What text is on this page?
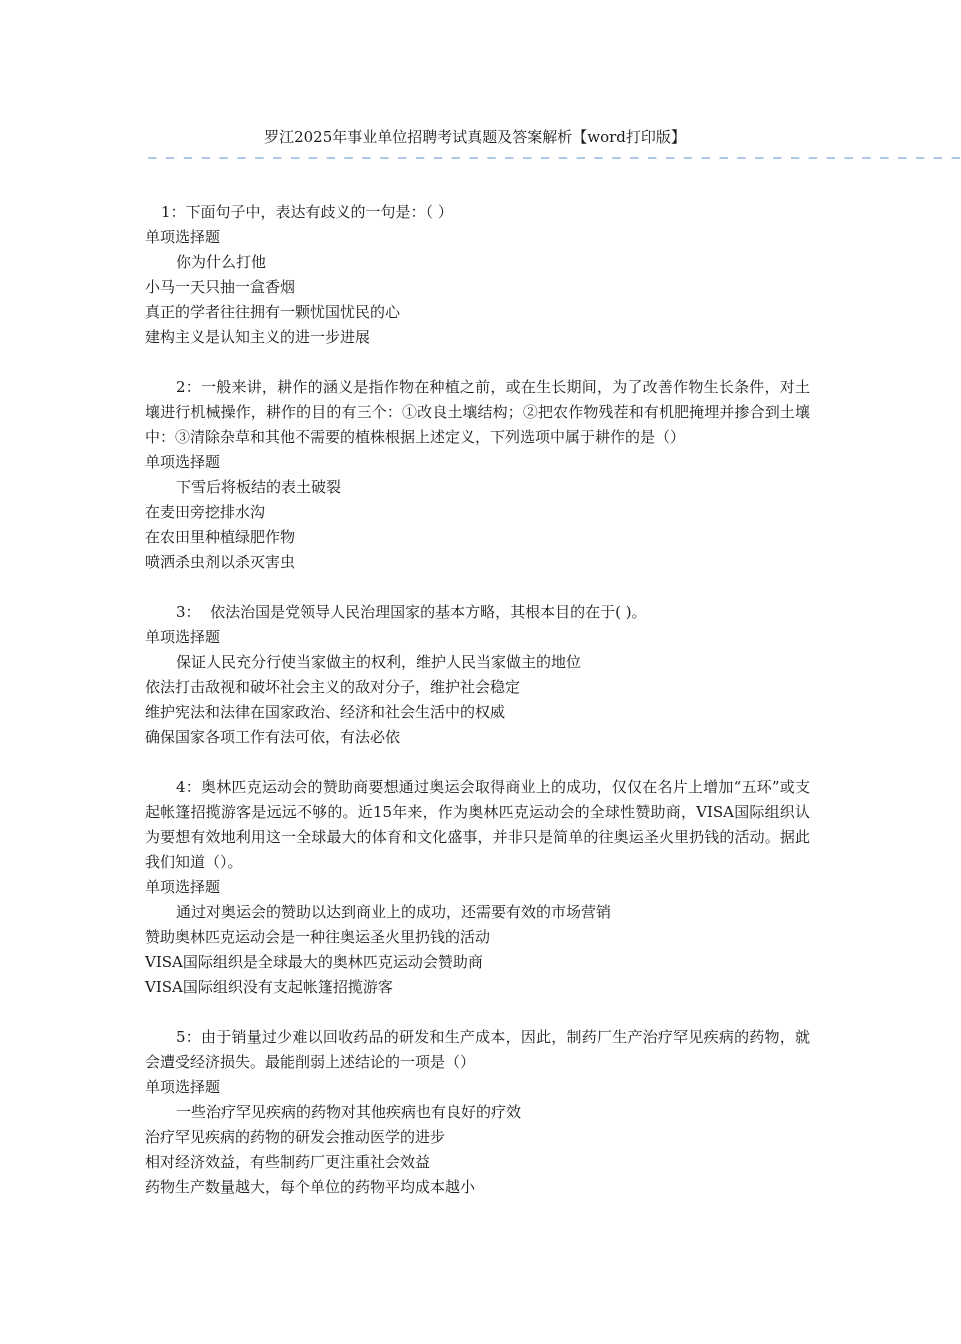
罗江2025年事业单位招聘考试真题及答案解析【word打印版】
— — — — — — — — — — — — — — — — — — — — — — — — — — — — — — — — — — — — — — — — — — — — — —
1：下面句子中，表达有歧义的一句是：（ ）
单项选择题
你为什么打他
小马一天只抽一盒香烟
真正的学者往往拥有一颗忧国忧民的心
建构主义是认知主义的进一步进展
2：一般来讲，耕作的涵义是指作物在种植之前，或在生长期间，为了改善作物生长条件，对土壤进行机械操作，耕作的目的有三个：①改良土壤结构；②把农作物残茬和有机肥掩埋并掺合到土壤中：③清除杂草和其他不需要的植株根据上述定义，下列选项中属于耕作的是（）
单项选择题
下雪后将板结的表土破裂
在麦田旁挖排水沟
在农田里种植绿肥作物
喷洒杀虫剂以杀灭害虫
3：  依法治国是党领导人民治理国家的基本方略，其根本目的在于( )。
单项选择题
保证人民充分行使当家做主的权利，维护人民当家做主的地位
依法打击敌视和破坏社会主义的敌对分子，维护社会稳定
维护宪法和法律在国家政治、经济和社会生活中的权威
确保国家各项工作有法可依，有法必依
4：奥林匹克运动会的赞助商要想通过奥运会取得商业上的成功，仅仅在名片上增加“五环”或支起帐篷招揽游客是远远不够的。近15年来，作为奥林匹克运动会的全球性赞助商，VISA国际组织认为要想有效地利用这一全球最大的体育和文化盛事，并非只是简单的往奥运圣火里扔钱的活动。据此我们知道（）。
单项选择题
通过对奥运会的赞助以达到商业上的成功，还需要有效的市场营销
赞助奥林匹克运动会是一种往奥运圣火里扔钱的活动
VISA国际组织是全球最大的奥林匹克运动会赞助商
VISA国际组织没有支起帐篷招揽游客
5：由于销量过少难以回收药品的研发和生产成本，因此，制药厂生产治疗罕见疾病的药物，就会遭受经济损失。最能削弱上述结论的一项是（）
单项选择题
一些治疗罕见疾病的药物对其他疾病也有良好的疗效
治疗罕见疾病的药物的研发会推动医学的进步
相对经济效益，有些制药厂更注重社会效益
药物生产数量越大，每个单位的药物平均成本越小
